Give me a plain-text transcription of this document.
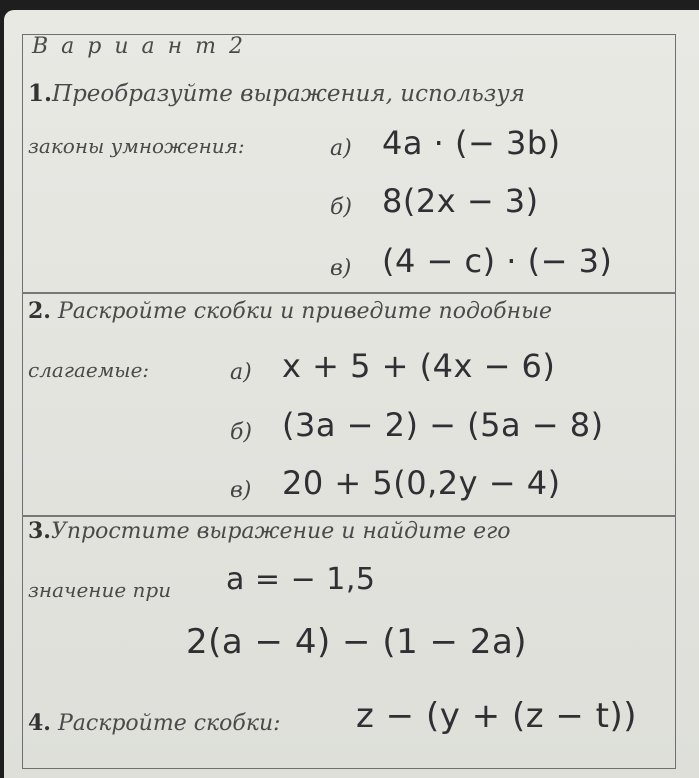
В а р и а н т 2
1.Преобразуйте выражения, используя
законы умножения:	а) 4a · (− 3b)
б) 8(2x − 3)
в) (4 − c) · (− 3)
2. Раскройте скобки и приведите подобные
слагаемые:	а) x + 5 + (4x − 6)
б) (3a − 2) − (5a − 8)
в) 20 + 5(0,2y − 4)
3.Упростите выражение и найдите его
значение при a = − 1,5
2(a − 4) − (1 − 2a)
4. Раскройте скобки: z − (y + (z − t))
